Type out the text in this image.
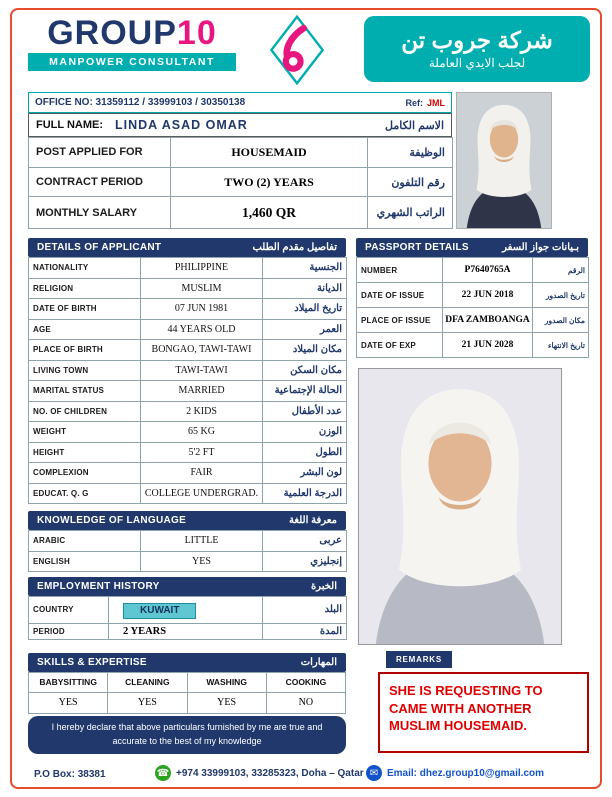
GROUP10
MANPOWER CONSULTANT
شركة جروب تن
لجلب الايدي العاملة
OFFICE NO: 31359112 / 33999103 / 30350138	Ref: JML
FULL NAME: LINDA ASAD OMAR	الاسم الكامل
POST APPLIED FOR	HOUSEMAID	الوظيفة
CONTRACT PERIOD	TWO (2) YEARS	رقم التلفون
MONTHLY SALARY	1,460 QR	الراتب الشهري
DETAILS OF APPLICANT	تفاصيل مقدم الطلب
NATIONALITY	PHILIPPINE	الجنسية
RELIGION	MUSLIM	الديانة
DATE OF BIRTH	07 JUN 1981	تاريخ الميلاد
AGE	44 YEARS OLD	العمر
PLACE OF BIRTH	BONGAO, TAWI-TAWI	مكان الميلاد
LIVING TOWN	TAWI-TAWI	مكان السكن
MARITAL STATUS	MARRIED	الحالة الإجتماعية
NO. OF CHILDREN	2 KIDS	عدد الأطفال
WEIGHT	65 KG	الوزن
HEIGHT	5'2 FT	الطول
COMPLEXION	FAIR	لون البشر
EDUCAT. Q. G	COLLEGE UNDERGRAD.	الدرجة العلمية
PASSPORT DETAILS	بـيانات جواز السفر
NUMBER	P7640765A	الرقم
DATE OF ISSUE	22 JUN 2018	تاريخ الصدور
PLACE OF ISSUE	DFA ZAMBOANGA	مكان الصدور
DATE OF EXP	21 JUN 2028	تاريخ الانتهاء
KNOWLEDGE OF LANGUAGE	معرفة اللغة
ARABIC	LITTLE	عربى
ENGLISH	YES	إنجليزي
EMPLOYMENT HISTORY	الخبرة
COUNTRY	KUWAIT	البلد
PERIOD	2 YEARS	المدة
SKILLS & EXPERTISE	المهارات
BABYSITTING	CLEANING	WASHING	COOKING
YES	YES	YES	NO
I hereby declare that above particulars furnished by me are true and accurate to the best of my knowledge
REMARKS
SHE IS REQUESTING TO CAME WITH ANOTHER MUSLIM HOUSEMAID.
P.O Box: 38381	☎ +974 33999103, 33285323, Doha – Qatar ✉ Email: dhez.group10@gmail.com
